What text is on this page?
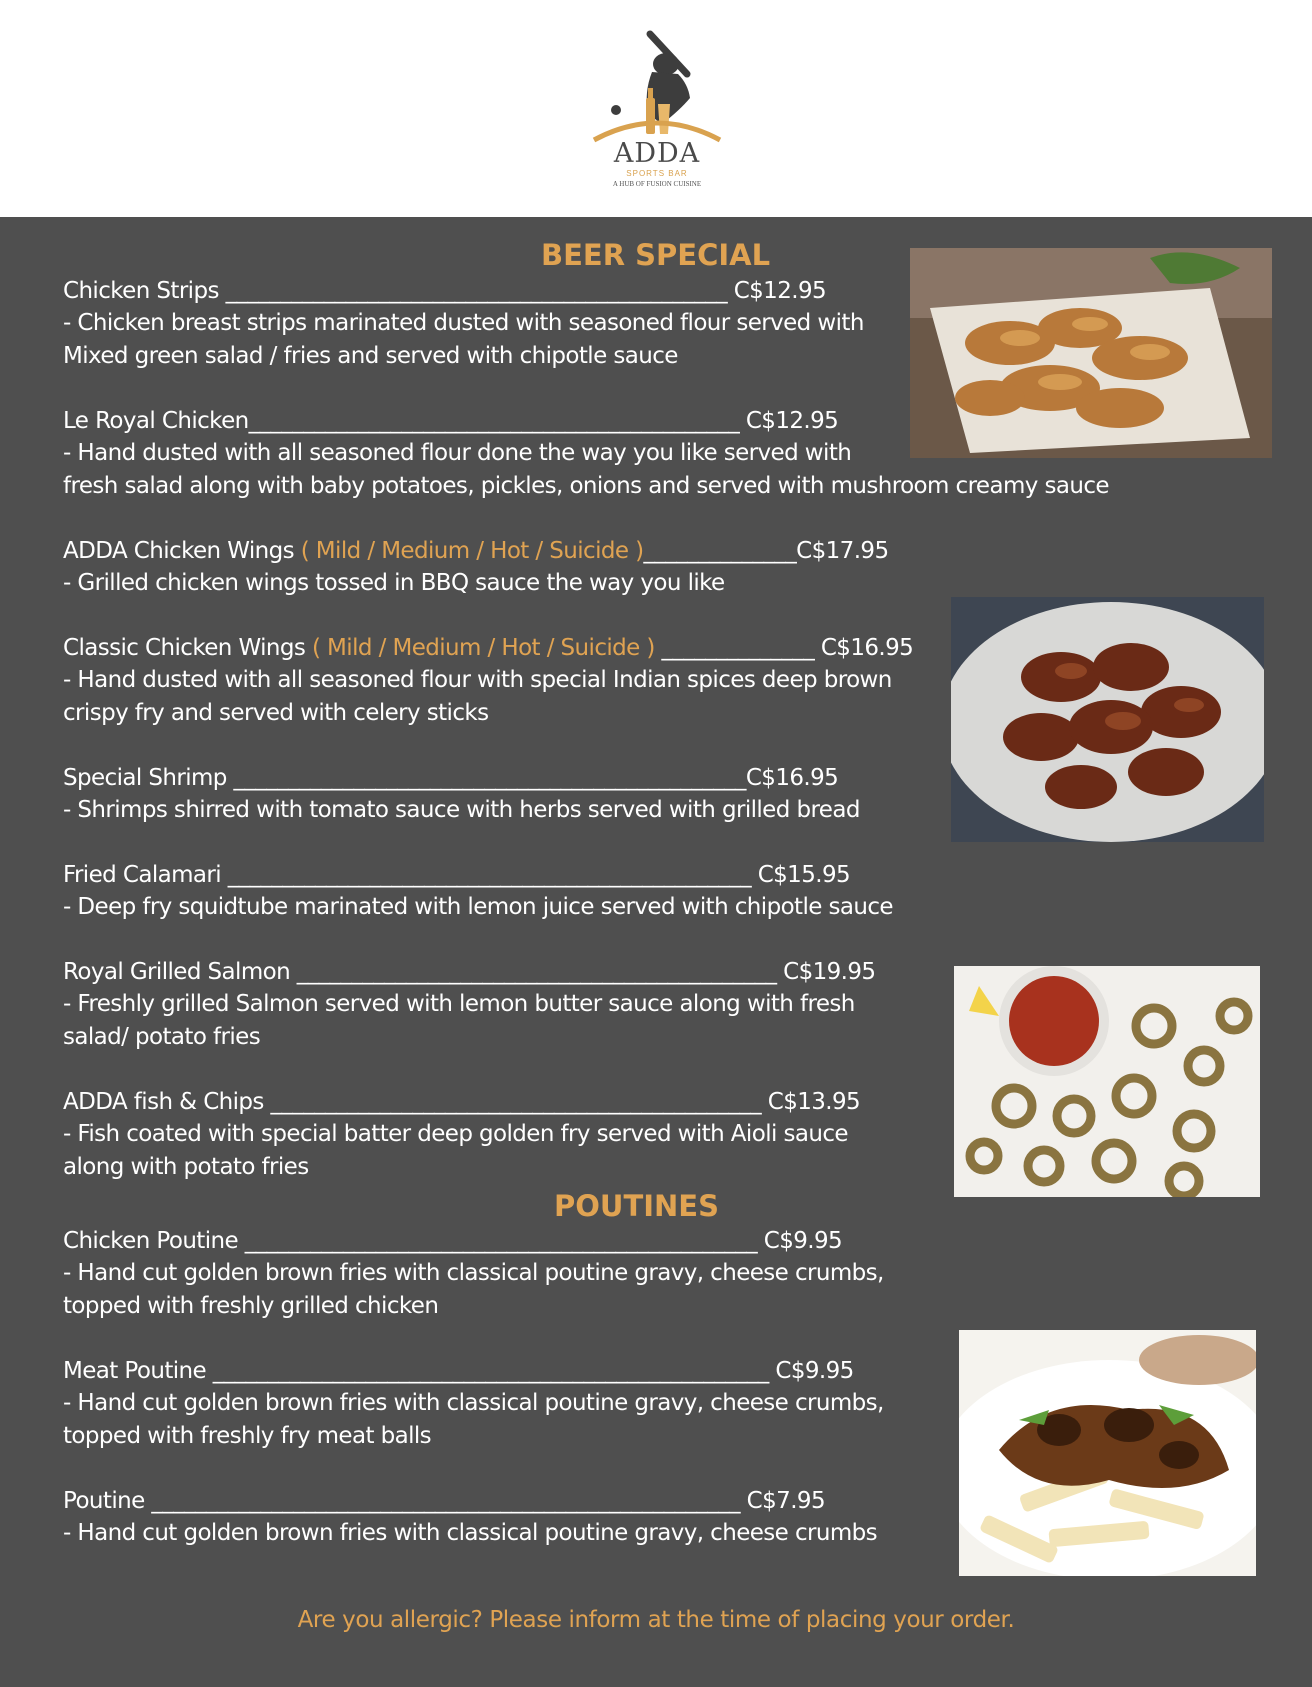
ADDA
SPORTS BAR
A HUB OF FUSION CUISINE
BEER SPECIAL
POUTINES
Chicken Strips ______________________________________________ C$12.95
- Chicken breast strips marinated dusted with seasoned flour served with
Mixed green salad / fries and served with chipotle sauce
Le Royal Chicken_____________________________________________ C$12.95
- Hand dusted with all seasoned flour done the way you like served with
fresh salad along with baby potatoes, pickles, onions and served with mushroom creamy sauce
ADDA Chicken Wings ( Mild / Medium / Hot / Suicide )______________C$17.95
- Grilled chicken wings tossed in BBQ sauce the way you like
Classic Chicken Wings ( Mild / Medium / Hot / Suicide ) ______________ C$16.95
- Hand dusted with all seasoned flour with special Indian spices deep brown
crispy fry and served with celery sticks
Special Shrimp _______________________________________________C$16.95
- Shrimps shirred with tomato sauce with herbs served with grilled bread
Fried Calamari ________________________________________________ C$15.95
- Deep fry squidtube marinated with lemon juice served with chipotle sauce
Royal Grilled Salmon ____________________________________________ C$19.95
- Freshly grilled Salmon served with lemon butter sauce along with fresh
salad/ potato fries
ADDA fish & Chips _____________________________________________ C$13.95
- Fish coated with special batter deep golden fry served with Aioli sauce
along with potato fries
Chicken Poutine _______________________________________________ C$9.95
- Hand cut golden brown fries with classical poutine gravy, cheese crumbs,
topped with freshly grilled chicken
Meat Poutine ___________________________________________________ C$9.95
- Hand cut golden brown fries with classical poutine gravy, cheese crumbs,
topped with freshly fry meat balls
Poutine ______________________________________________________ C$7.95
- Hand cut golden brown fries with classical poutine gravy, cheese crumbs
Are you allergic? Please inform at the time of placing your order.
